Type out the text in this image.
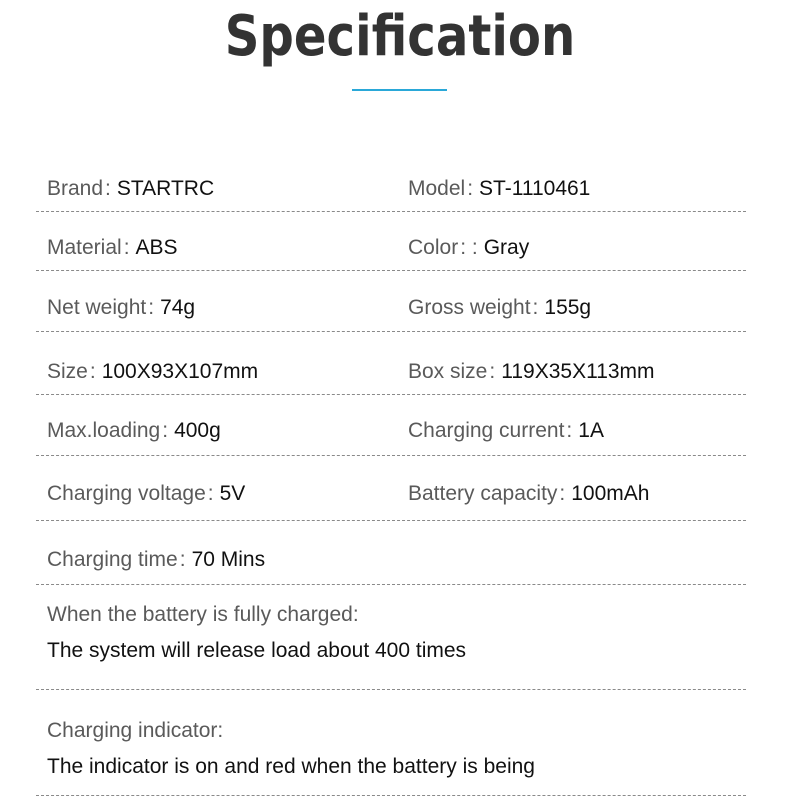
Specification
Brand: STARTRC	Model: ST-1110461
Material: ABS	Color: : Gray
Net weight: 74g	Gross weight: 155g
Size: 100X93X107mm	Box size: 119X35X113mm
Max.loading: 400g	Charging current: 1A
Charging voltage: 5V	Battery capacity: 100mAh
Charging time: 70 Mins
When the battery is fully charged:
The system will release load about 400 times
Charging indicator:
The indicator is on and red when the battery is being
